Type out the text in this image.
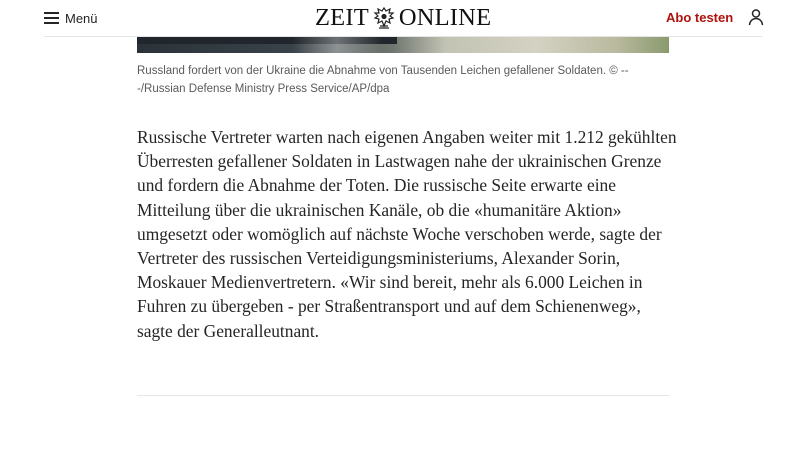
Menü	ZEIT ONLINE	Abo testen

Russland fordert von der Ukraine die Abnahme von Tausenden Leichen gefallener Soldaten. © ---/Russian Defense Ministry Press Service/AP/dpa

Russische Vertreter warten nach eigenen Angaben weiter mit 1.212 gekühlten Überresten gefallener Soldaten in Lastwagen nahe der ukrainischen Grenze und fordern die Abnahme der Toten. Die russische Seite erwarte eine Mitteilung über die ukrainischen Kanäle, ob die «humanitäre Aktion» umgesetzt oder womöglich auf nächste Woche verschoben werde, sagte der Vertreter des russischen Verteidigungsministeriums, Alexander Sorin, Moskauer Medienvertretern. «Wir sind bereit, mehr als 6.000 Leichen in Fuhren zu übergeben - per Straßentransport und auf dem Schienenweg», sagte der Generalleutnant.
